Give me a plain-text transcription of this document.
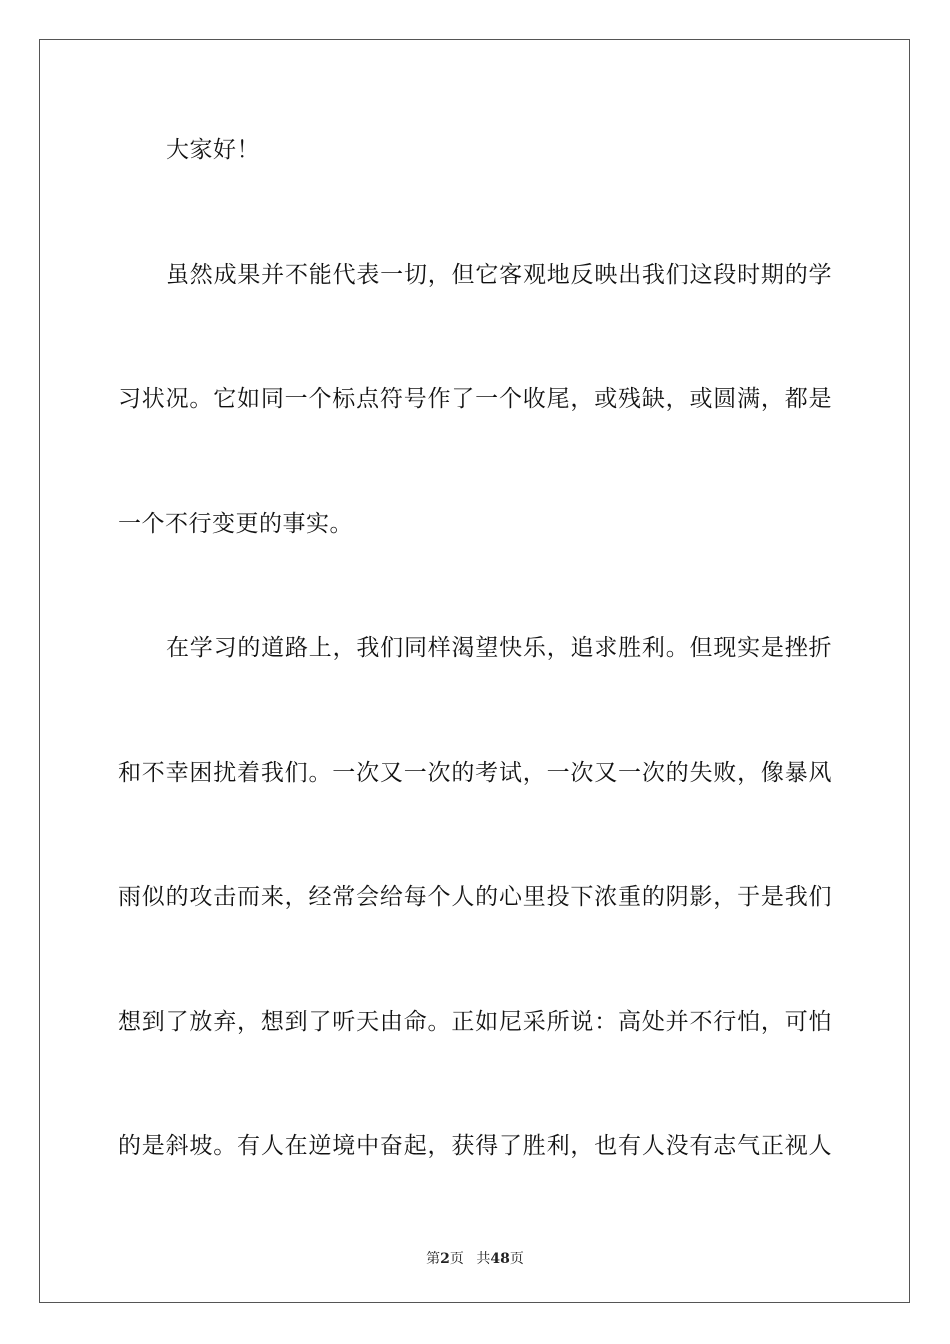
大家好！
虽然成果并不能代表一切，但它客观地反映出我们这段时期的学
习状况。它如同一个标点符号作了一个收尾，或残缺，或圆满，都是
一个不行变更的事实。
在学习的道路上，我们同样渴望快乐，追求胜利。但现实是挫折
和不幸困扰着我们。一次又一次的考试，一次又一次的失败，像暴风
雨似的攻击而来，经常会给每个人的心里投下浓重的阴影，于是我们
想到了放弃，想到了听天由命。正如尼采所说：高处并不行怕，可怕
的是斜坡。有人在逆境中奋起，获得了胜利，也有人没有志气正视人
第2页 共48页
